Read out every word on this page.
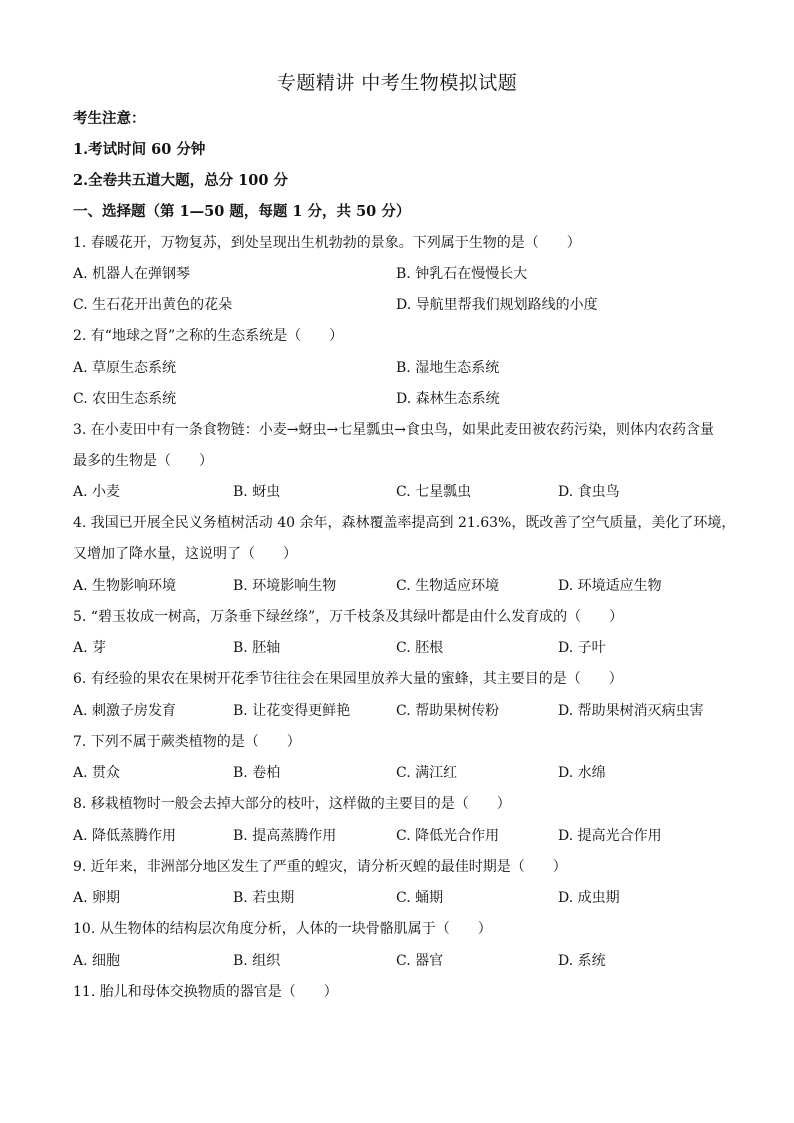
专题精讲 中考生物模拟试题
考生注意：
1.考试时间 60 分钟
2.全卷共五道大题，总分 100 分
一、选择题（第 1—50 题，每题 1 分，共 50 分）
1. 春暖花开，万物复苏，到处呈现出生机勃勃的景象。下列属于生物的是（　　）
A. 机器人在弹钢琴	B. 钟乳石在慢慢长大
C. 生石花开出黄色的花朵	D. 导航里帮我们规划路线的小度
2. 有“地球之肾”之称的生态系统是（　　）
A. 草原生态系统	B. 湿地生态系统
C. 农田生态系统	D. 森林生态系统
3. 在小麦田中有一条食物链：小麦→蚜虫→七星瓢虫→食虫鸟，如果此麦田被农药污染，则体内农药含量
最多的生物是（　　）
A. 小麦	B. 蚜虫	C. 七星瓢虫	D. 食虫鸟
4. 我国已开展全民义务植树活动 40 余年，森林覆盖率提高到 21.63%，既改善了空气质量，美化了环境，
又增加了降水量，这说明了（　　）
A. 生物影响环境	B. 环境影响生物	C. 生物适应环境	D. 环境适应生物
5. “碧玉妆成一树高，万条垂下绿丝绦”，万千枝条及其绿叶都是由什么发育成的（　　）
A. 芽	B. 胚轴	C. 胚根	D. 子叶
6. 有经验的果农在果树开花季节往往会在果园里放养大量的蜜蜂，其主要目的是（　　）
A. 刺激子房发育	B. 让花变得更鲜艳	C. 帮助果树传粉	D. 帮助果树消灭病虫害
7. 下列不属于蕨类植物的是（　　）
A. 贯众	B. 卷柏	C. 满江红	D. 水绵
8. 移栽植物时一般会去掉大部分的枝叶，这样做的主要目的是（　　）
A. 降低蒸腾作用	B. 提高蒸腾作用	C. 降低光合作用	D. 提高光合作用
9. 近年来，非洲部分地区发生了严重的蝗灾，请分析灭蝗的最佳时期是（　　）
A. 卵期	B. 若虫期	C. 蛹期	D. 成虫期
10. 从生物体的结构层次角度分析，人体的一块骨骼肌属于（　　）
A. 细胞	B. 组织	C. 器官	D. 系统
11. 胎儿和母体交换物质的器官是（　　）
